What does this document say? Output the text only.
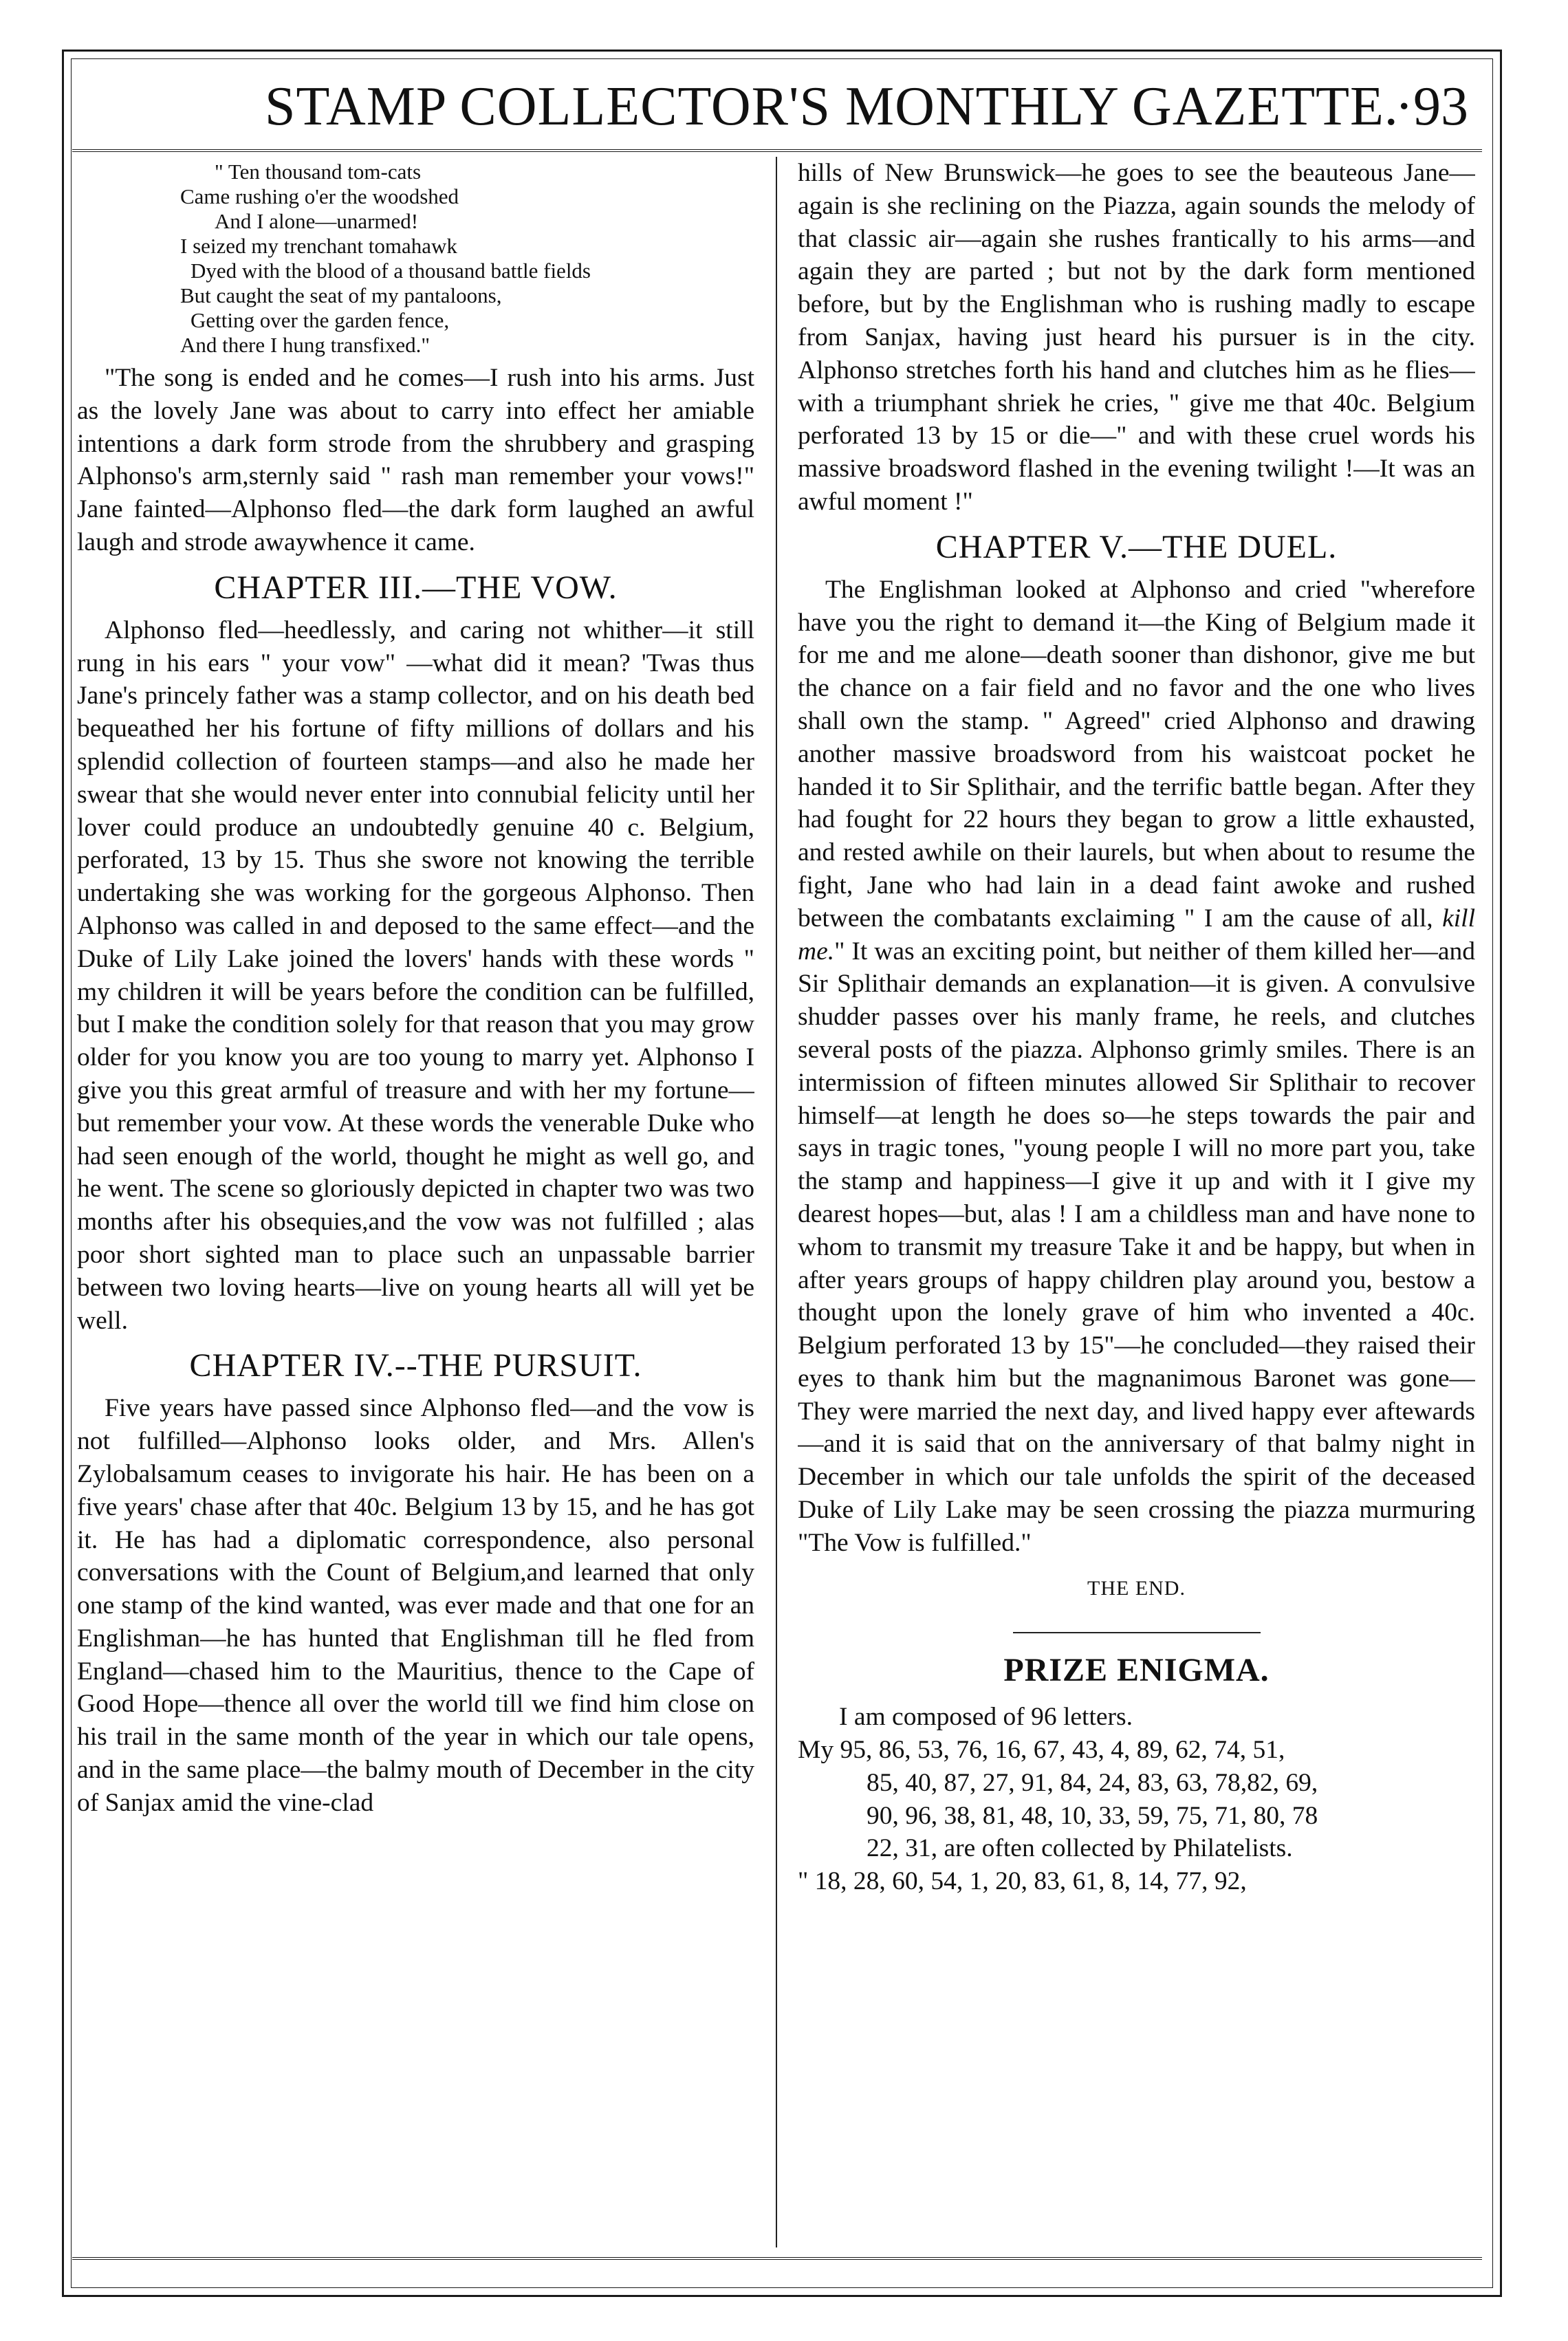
STAMP COLLECTOR'S MONTHLY GAZETTE.
·93
" Ten thousand tom-cats
Came rushing o'er the woodshed
And I alone—unarmed!
I seized my trenchant tomahawk
Dyed with the blood of a thousand battle fields
But caught the seat of my pantaloons,
Getting over the garden fence,
And there I hung transfixed."

"The song is ended and he comes—I rush into his arms. Just as the lovely Jane was about to carry into effect her amiable intentions a dark form strode from the shrubbery and grasping Alphonso's arm,sternly said " rash man remember your vows!" Jane fainted—Alphonso fled—the dark form laughed an awful laugh and strode awaywhence it came.

CHAPTER III.—THE VOW.

Alphonso fled—heedlessly, and caring not whither—it still rung in his ears " your vow" —what did it mean? 'Twas thus Jane's princely father was a stamp collector, and on his death bed bequeathed her his fortune of fifty millions of dollars and his splendid collection of fourteen stamps—and also he made her swear that she would never enter into connubial felicity until her lover could produce an undoubtedly genuine 40 c. Belgium, perforated, 13 by 15. Thus she swore not knowing the terrible undertaking she was working for the gorgeous Alphonso. Then Alphonso was called in and deposed to the same effect—and the Duke of Lily Lake joined the lovers' hands with these words " my children it will be years before the condition can be fulfilled, but I make the condition solely for that reason that you may grow older for you know you are too young to marry yet. Alphonso I give you this great armful of treasure and with her my fortune—but remember your vow. At these words the venerable Duke who had seen enough of the world, thought he might as well go, and he went. The scene so gloriously depicted in chapter two was two months after his obsequies,and the vow was not fulfilled ; alas poor short sighted man to place such an unpassable barrier between two loving hearts—live on young hearts all will yet be well.

CHAPTER IV.--THE PURSUIT.

Five years have passed since Alphonso fled—and the vow is not fulfilled—Alphonso looks older, and Mrs. Allen's Zylobalsamum ceases to invigorate his hair. He has been on a five years' chase after that 40c. Belgium 13 by 15, and he has got it. He has had a diplomatic correspondence, also personal conversations with the Count of Belgium,and learned that only one stamp of the kind wanted, was ever made and that one for an Englishman—he has hunted that Englishman till he fled from England—chased him to the Mauritius, thence to the Cape of Good Hope—thence all over the world till we find him close on his trail in the same month of the year in which our tale opens, and in the same place—the balmy mouth of December in the city of Sanjax amid the vine-clad

hills of New Brunswick—he goes to see the beauteous Jane—again is she reclining on the Piazza, again sounds the melody of that classic air—again she rushes frantically to his arms—and again they are parted ; but not by the dark form mentioned before, but by the Englishman who is rushing madly to escape from Sanjax, having just heard his pursuer is in the city. Alphonso stretches forth his hand and clutches him as he flies—with a triumphant shriek he cries, " give me that 40c. Belgium perforated 13 by 15 or die—" and with these cruel words his massive broadsword flashed in the evening twilight !—It was an awful moment !"

CHAPTER V.—THE DUEL.

The Englishman looked at Alphonso and cried "wherefore have you the right to demand it—the King of Belgium made it for me and me alone—death sooner than dishonor, give me but the chance on a fair field and no favor and the one who lives shall own the stamp. " Agreed" cried Alphonso and drawing another massive broadsword from his waistcoat pocket he handed it to Sir Splithair, and the terrific battle began. After they had fought for 22 hours they began to grow a little exhausted, and rested awhile on their laurels, but when about to resume the fight, Jane who had lain in a dead faint awoke and rushed between the combatants exclaiming " I am the cause of all, kill me." It was an exciting point, but neither of them killed her—and Sir Splithair demands an explanation—it is given. A convulsive shudder passes over his manly frame, he reels, and clutches several posts of the piazza. Alphonso grimly smiles. There is an intermission of fifteen minutes allowed Sir Splithair to recover himself—at length he does so—he steps towards the pair and says in tragic tones, "young people I will no more part you, take the stamp and happiness—I give it up and with it I give my dearest hopes—but, alas ! I am a childless man and have none to whom to transmit my treasure Take it and be happy, but when in after years groups of happy children play around you, bestow a thought upon the lonely grave of him who invented a 40c. Belgium perforated 13 by 15"—he concluded—they raised their eyes to thank him but the magnanimous Baronet was gone—They were married the next day, and lived happy ever aftewards—and it is said that on the anniversary of that balmy night in December in which our tale unfolds the spirit of the deceased Duke of Lily Lake may be seen crossing the piazza murmuring "The Vow is fulfilled."

THE END.
PRIZE ENIGMA.
I am composed of 96 letters.
My 95, 86, 53, 76, 16, 67, 43, 4, 89, 62, 74, 51,
85, 40, 87, 27, 91, 84, 24, 83, 63, 78,82, 69,
90, 96, 38, 81, 48, 10, 33, 59, 75, 71, 80, 78
22, 31, are often collected by Philatelists.
" 18, 28, 60, 54, 1, 20, 83, 61, 8, 14, 77, 92,
